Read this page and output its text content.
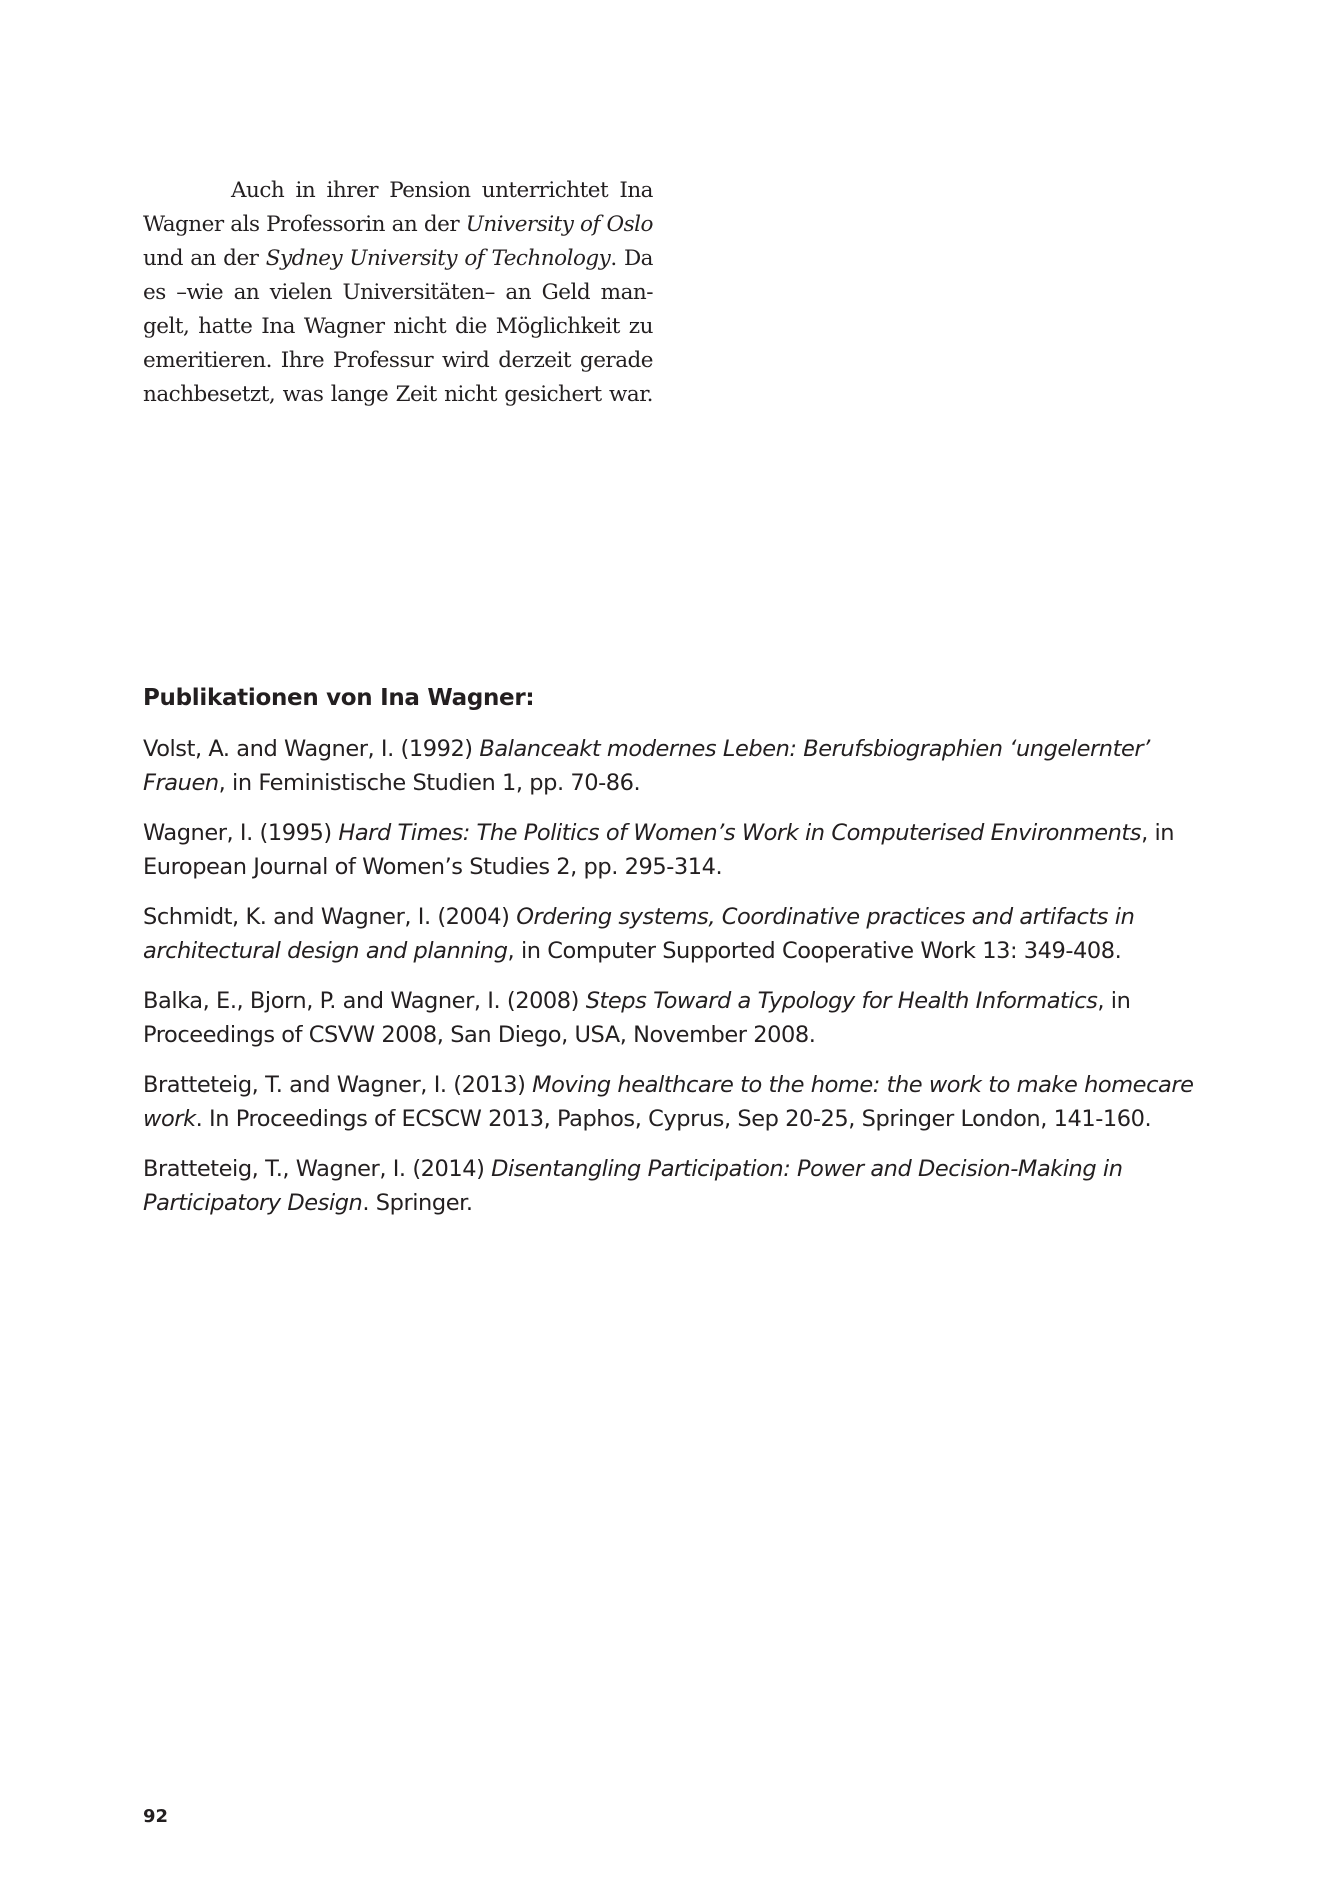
Auch in ihrer Pension unterrichtet Ina
Wagner als Professorin an der University of Oslo
und an der Sydney University of Technology. Da
es –wie an vielen Universitäten– an Geld man-
gelt, hatte Ina Wagner nicht die Möglichkeit zu
emeritieren. Ihre Professur wird derzeit gerade
nachbesetzt, was lange Zeit nicht gesichert war.
Publikationen von Ina Wagner:
Volst, A. and Wagner, I. (1992) Balanceakt modernes Leben: Berufsbiographien ‘ungelernter’ Frauen, in Feministische Studien 1, pp. 70-86.
Wagner, I. (1995) Hard Times: The Politics of Women’s Work in Computerised Environments, in European Journal of Women’s Studies 2, pp. 295-314.
Schmidt, K. and Wagner, I. (2004) Ordering systems, Coordinative practices and artifacts in architectural design and planning, in Computer Supported Cooperative Work 13: 349-408.
Balka, E., Bjorn, P. and Wagner, I. (2008) Steps Toward a Typology for Health Informatics, in Proceedings of CSVW 2008, San Diego, USA, November 2008.
Bratteteig, T. and Wagner, I. (2013) Moving healthcare to the home: the work to make homecare work. In Proceedings of ECSCW 2013, Paphos, Cyprus, Sep 20-25, Springer London, 141-160.
Bratteteig, T., Wagner, I. (2014) Disentangling Participation: Power and Decision-Making in Participatory Design. Springer.

92
